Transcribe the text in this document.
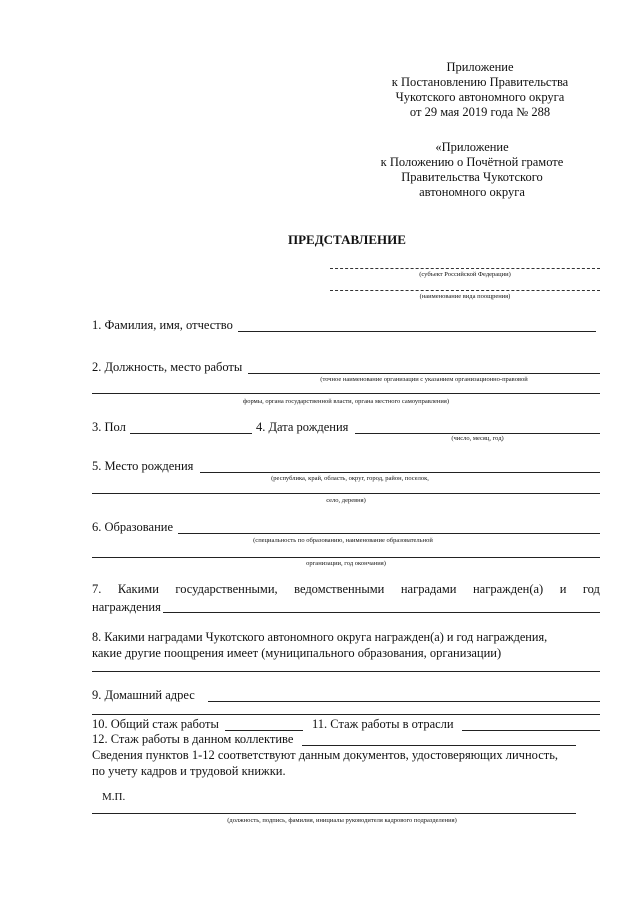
Приложение
к Постановлению Правительства
Чукотского автономного округа
от 29 мая 2019 года № 288
«Приложение
к Положению о Почётной грамоте
Правительства Чукотского
автономного округа
ПРЕДСТАВЛЕНИЕ
(субъект Российской Федерации)
(наименование вида поощрения)
1. Фамилия, имя, отчество
2. Должность, место работы
(точное наименование организации с указанием организационно-правовой
формы, органа государственной власти, органа местного самоуправления)
3. Пол	4. Дата рождения
(число, месяц, год)
5. Место рождения
(республика, край, область, округ, город, район, поселок,
село, деревня)
6. Образование
(специальность по образованию, наименование образовательной
организации, год окончания)
7. Какими государственными, ведомственными наградами награжден(а) и год
награждения
8. Какими наградами Чукотского автономного округа награжден(а) и год награждения,
какие другие поощрения имеет (муниципального образования, организации)
9. Домашний адрес
10. Общий стаж работы	11. Стаж работы в отрасли
12. Стаж работы в данном коллективе
Сведения пунктов 1-12 соответствуют данным документов, удостоверяющих личность,
по учету кадров и трудовой книжки.
М.П.
(должность, подпись, фамилия, инициалы руководителя кадрового подразделения)
